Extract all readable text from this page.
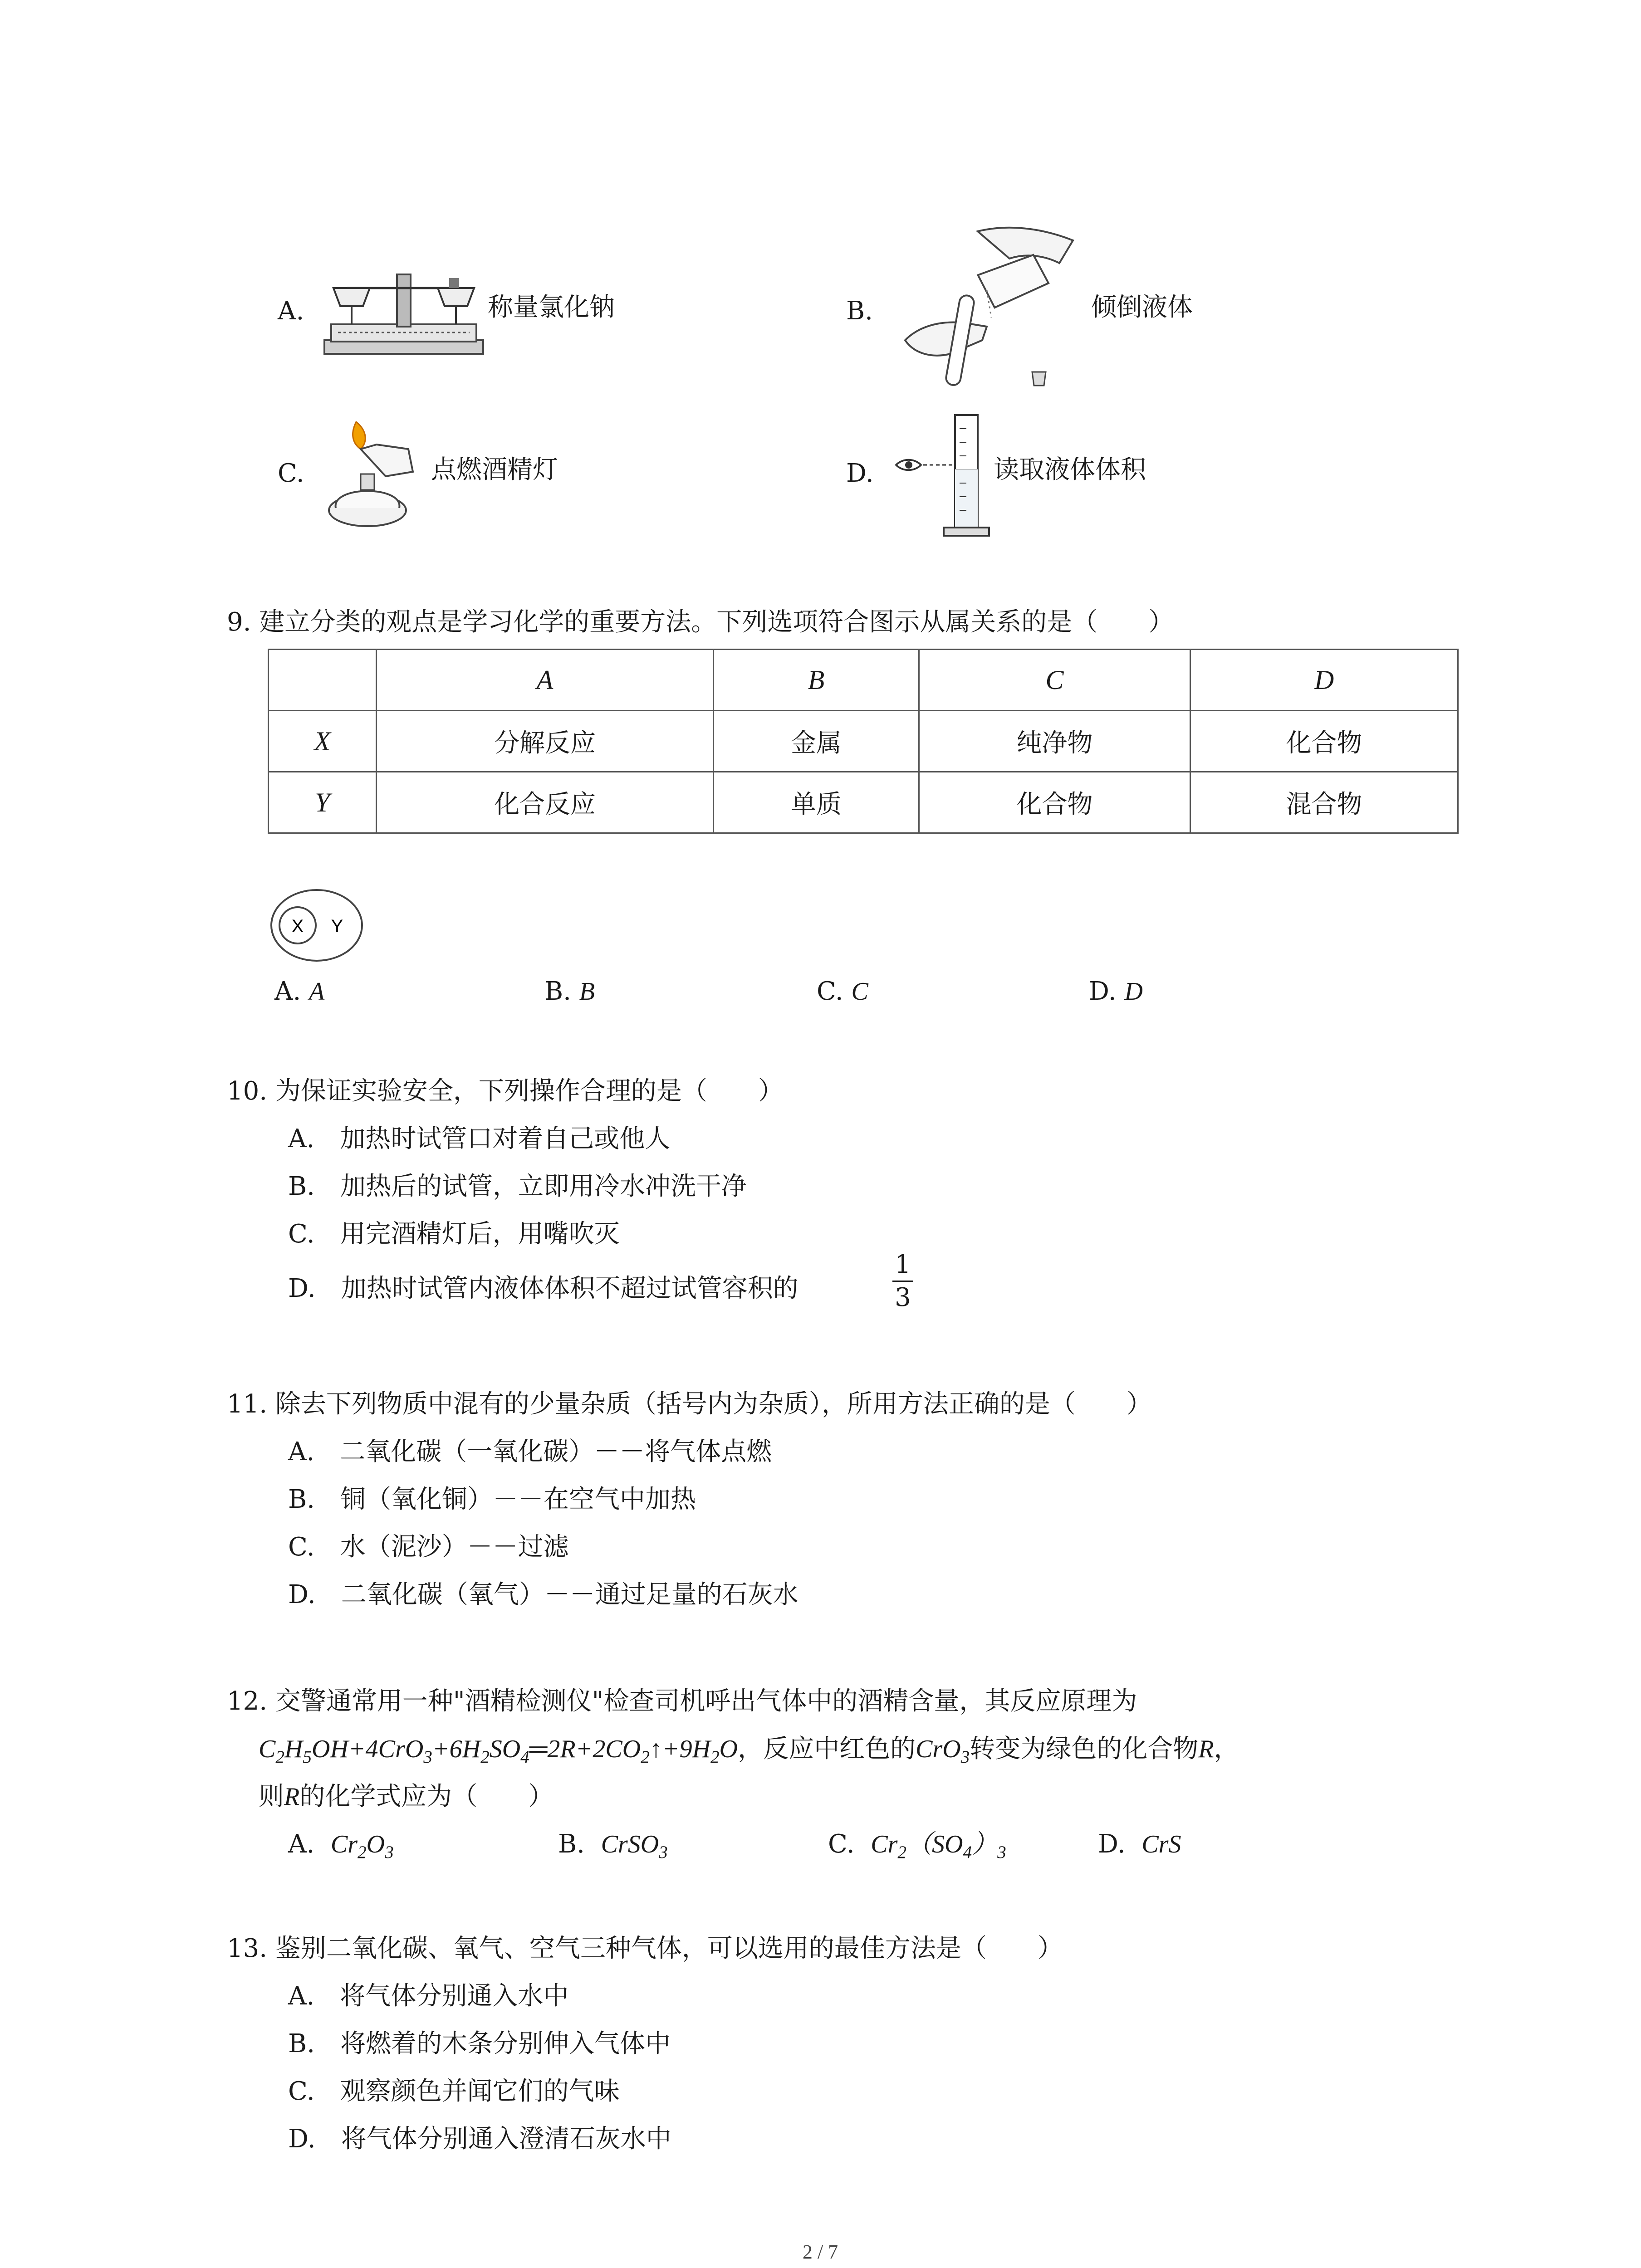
A.	称量氯化钠	B.	倾倒液体
C.	点燃酒精灯	D.	读取液体体积
9. 建立分类的观点是学习化学的重要方法。下列选项符合图示从属关系的是（　　）
	A	B	C	D
X	分解反应	金属	纯净物	化合物
Y	化合反应	单质	化合物	混合物
X Y
A. A	B. B	C. C	D. D
10. 为保证实验安全，下列操作合理的是（　　）
A.　加热时试管口对着自己或他人
B.　加热后的试管，立即用冷水冲洗干净
C.　用完酒精灯后，用嘴吹灭
D.　加热时试管内液体体积不超过试管容积的
1
3
11. 除去下列物质中混有的少量杂质（括号内为杂质），所用方法正确的是（　　）
A.　二氧化碳（一氧化碳）－－将气体点燃
B.　铜（氧化铜）－－在空气中加热
C.　水（泥沙）－－过滤
D.　二氧化碳（氧气）－－通过足量的石灰水
12. 交警通常用一种"酒精检测仪"检查司机呼出气体中的酒精含量，其反应原理为
$C_2H_5OH+4CrO_3+6H_2SO_4═2R+2CO_2↑+9H_2O$，反应中红色的CrO$_3$转变为绿色的化合物R，
则R的化学式应为（　　）
A. $Cr_2O_3$	B. CrSO$_3$	C. $Cr_2(SO_4)_3$	D. CrS
13. 鉴别二氧化碳、氧气、空气三种气体，可以选用的最佳方法是（　　）
A.　将气体分别通入水中
B.　将燃着的木条分别伸入气体中
C.　观察颜色并闻它们的气味
D.　将气体分别通入澄清石灰水中
2 / 7
